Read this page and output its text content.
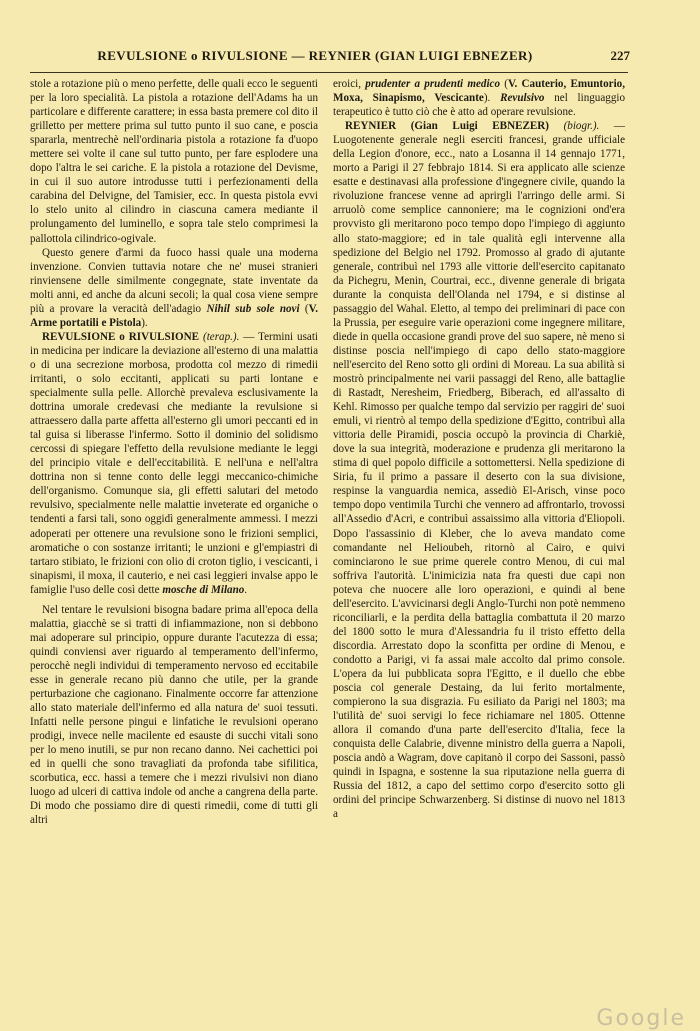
REVULSIONE o RIVULSIONE — REYNIER (GIAN LUIGI EBNEZER)	227

stole a rotazione più o meno perfette, delle quali ecco le seguenti per la loro specialità. La pistola a rotazione dell'Adams ha un particolare e differente carattere; in essa basta premere col dito il grilletto per mettere prima sul tutto punto il suo cane, e poscia spararla, mentrechè nell'ordinaria pistola a rotazione fa d'uopo mettere sei volte il cane sul tutto punto, per fare esplodere una dopo l'altra le sei cariche. E la pistola a rotazione del Devisme, in cui il suo autore introdusse tutti i perfezionamenti della carabina del Delvigne, del Tamisier, ecc. In questa pistola evvi lo stelo unito al cilindro in ciascuna camera mediante il prolungamento del luminello, e sopra tale stelo comprimesi la pallottola cilindrico-ogivale.

Questo genere d'armi da fuoco hassi quale una moderna invenzione. Convien tuttavia notare che ne' musei stranieri rinviensene delle similmente congegnate, state inventate da molti anni, ed anche da alcuni secoli; la qual cosa viene sempre più a provare la veracità dell'adagio Nihil sub sole novi (V. Arme portatili e Pistola).

REVULSIONE o RIVULSIONE (terap.). — Termini usati in medicina per indicare la deviazione all'esterno di una malattia o di una secrezione morbosa, prodotta col mezzo di rimedii irritanti, o solo eccitanti, applicati su parti lontane e specialmente sulla pelle. Allorchè prevaleva esclusivamente la dottrina umorale credevasi che mediante la revulsione si attraessero dalla parte affetta all'esterno gli umori peccanti ed in tal guisa si liberasse l'infermo. Sotto il dominio del solidismo cercossi di spiegare l'effetto della revulsione mediante le leggi del principio vitale e dell'eccitabilità. E nell'una e nell'altra dottrina non si tenne conto delle leggi meccanico-chimiche dell'organismo. Comunque sia, gli effetti salutari del metodo revulsivo, specialmente nelle malattie inveterate ed organiche o tendenti a farsi tali, sono oggidì generalmente ammessi. I mezzi adoperati per ottenere una revulsione sono le frizioni semplici, aromatiche o con sostanze irritanti; le unzioni e gl'empiastri di tartaro stibiato, le frizioni con olio di croton tiglio, i vescicanti, i sinapismi, il moxa, il cauterio, e nei casi leggieri invalse appo le famiglie l'uso delle così dette mosche di Milano.

Nel tentare le revulsioni bisogna badare prima all'epoca della malattia, giacchè se si tratti di infiammazione, non si debbono mai adoperare sul principio, oppure durante l'acutezza di essa; quindi conviensi aver riguardo al temperamento dell'infermo, perocchè negli individui di temperamento nervoso ed eccitabile esse in generale recano più danno che utile, per la grande perturbazione che cagionano. Finalmente occorre far attenzione allo stato materiale dell'infermo ed alla natura de' suoi tessuti. Infatti nelle persone pingui e linfatiche le revulsioni operano prodigi, invece nelle macilente ed esauste di succhi vitali sono per lo meno inutili, se pur non recano danno. Nei cachettici poi ed in quelli che sono travagliati da profonda tabe sifilitica, scorbutica, ecc. hassi a temere che i mezzi rivulsivi non diano luogo ad ulceri di cattiva indole od anche a cangrena della parte. Di modo che possiamo dire di questi rimedii, come di tutti gli altri

eroici, prudenter a prudenti medico (V. Cauterio, Emuntorio, Moxa, Sinapismo, Vescicante). Revulsivo nel linguaggio terapeutico è tutto ciò che è atto ad operare revulsione.

REYNIER (Gian Luigi EBNEZER) (biogr.). — Luogotenente generale negli eserciti francesi, grande ufficiale della Legion d'onore, ecc., nato a Losanna il 14 gennajo 1771, morto a Parigi il 27 febbrajo 1814. Si era applicato alle scienze esatte e destinavasi alla professione d'ingegnere civile, quando la rivoluzione francese venne ad aprirgli l'arringo delle armi. Si arruolò come semplice cannoniere; ma le cognizioni ond'era provvisto gli meritarono poco tempo dopo l'impiego di aggiunto allo stato-maggiore; ed in tale qualità egli intervenne alla spedizione del Belgio nel 1792. Promosso al grado di ajutante generale, contribuì nel 1793 alle vittorie dell'esercito capitanato da Pichegru, Menin, Courtrai, ecc., divenne generale di brigata durante la conquista dell'Olanda nel 1794, e si distinse al passaggio del Wahal. Eletto, al tempo dei preliminari di pace con la Prussia, per eseguire varie operazioni come ingegnere militare, diede in quella occasione grandi prove del suo sapere, nè meno si distinse poscia nell'impiego di capo dello stato-maggiore nell'esercito del Reno sotto gli ordini di Moreau. La sua abilità si mostrò principalmente nei varii passaggi del Reno, alle battaglie di Rastadt, Neresheim, Friedberg, Biberach, ed all'assalto di Kehl. Rimosso per qualche tempo dal servizio per raggiri de' suoi emuli, vi rientrò al tempo della spedizione d'Egitto, contribuì alla vittoria delle Piramidi, poscia occupò la provincia di Charkiè, dove la sua integrità, moderazione e prudenza gli meritarono la stima di quel popolo difficile a sottomettersi. Nella spedizione di Siria, fu il primo a passare il deserto con la sua divisione, respinse la vanguardia nemica, assediò El-Arisch, vinse poco tempo dopo ventimila Turchi che vennero ad affrontarlo, trovossi all'Assedio d'Acri, e contribuì assaissimo alla vittoria d'Eliopoli. Dopo l'assassinio di Kleber, che lo aveva mandato come comandante nel Helioubeh, ritornò al Cairo, e quivi cominciarono le sue prime querele contro Menou, di cui mal soffriva l'autorità. L'inimicizia nata fra questi due capi non poteva che nuocere alle loro operazioni, e quindi al bene dell'esercito. L'avvicinarsi degli Anglo-Turchi non potè nemmeno riconciliarli, e la perdita della battaglia combattuta il 20 marzo del 1800 sotto le mura d'Alessandria fu il tristo effetto della discordia. Arrestato dopo la sconfitta per ordine di Menou, e condotto a Parigi, vi fa assai male accolto dal primo console. L'opera da lui pubblicata sopra l'Egitto, e il duello che ebbe poscia col generale Destaing, da lui ferito mortalmente, compierono la sua disgrazia. Fu esiliato da Parigi nel 1803; ma l'utilità de' suoi servigi lo fece richiamare nel 1805. Ottenne allora il comando d'una parte dell'esercito d'Italia, fece la conquista delle Calabrie, divenne ministro della guerra a Napoli, poscia andò a Wagram, dove capitanò il corpo dei Sassoni, passò quindi in Ispagna, e sostenne la sua riputazione nella guerra di Russia del 1812, a capo del settimo corpo d'esercito sotto gli ordini del principe Schwarzenberg. Si distinse di nuovo nel 1813 a

Google
